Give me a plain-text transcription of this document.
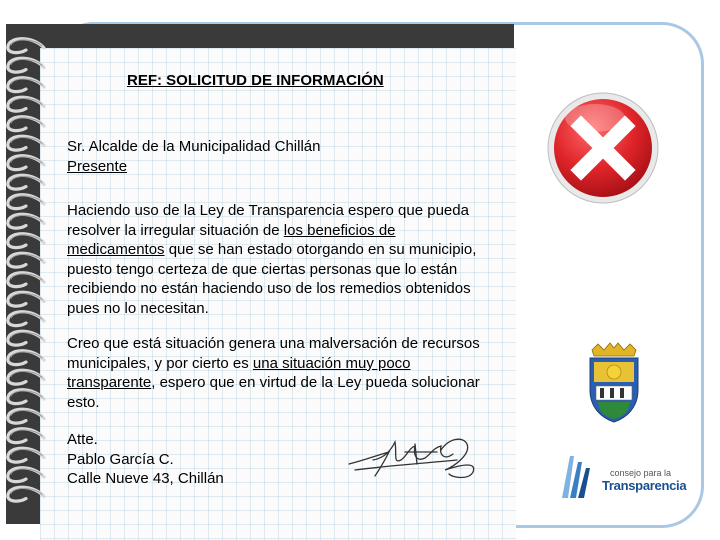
REF: SOLICITUD DE INFORMACIÓN
Sr. Alcalde de la Municipalidad Chillán
Presente
Haciendo uso de la Ley de Transparencia espero que pueda resolver la irregular situación de los beneficios de medicamentos que se han estado otorgando en su municipio, puesto tengo certeza de que ciertas personas que lo están recibiendo no están haciendo uso de los remedios obtenidos pues no lo necesitan.
Creo que está situación genera una malversación de recursos municipales, y por cierto es una situación muy poco transparente, espero que en virtud de la Ley pueda solucionar esto.
Atte.
Pablo García C.
Calle Nueve 43, Chillán	consejo para la
Transparencia
